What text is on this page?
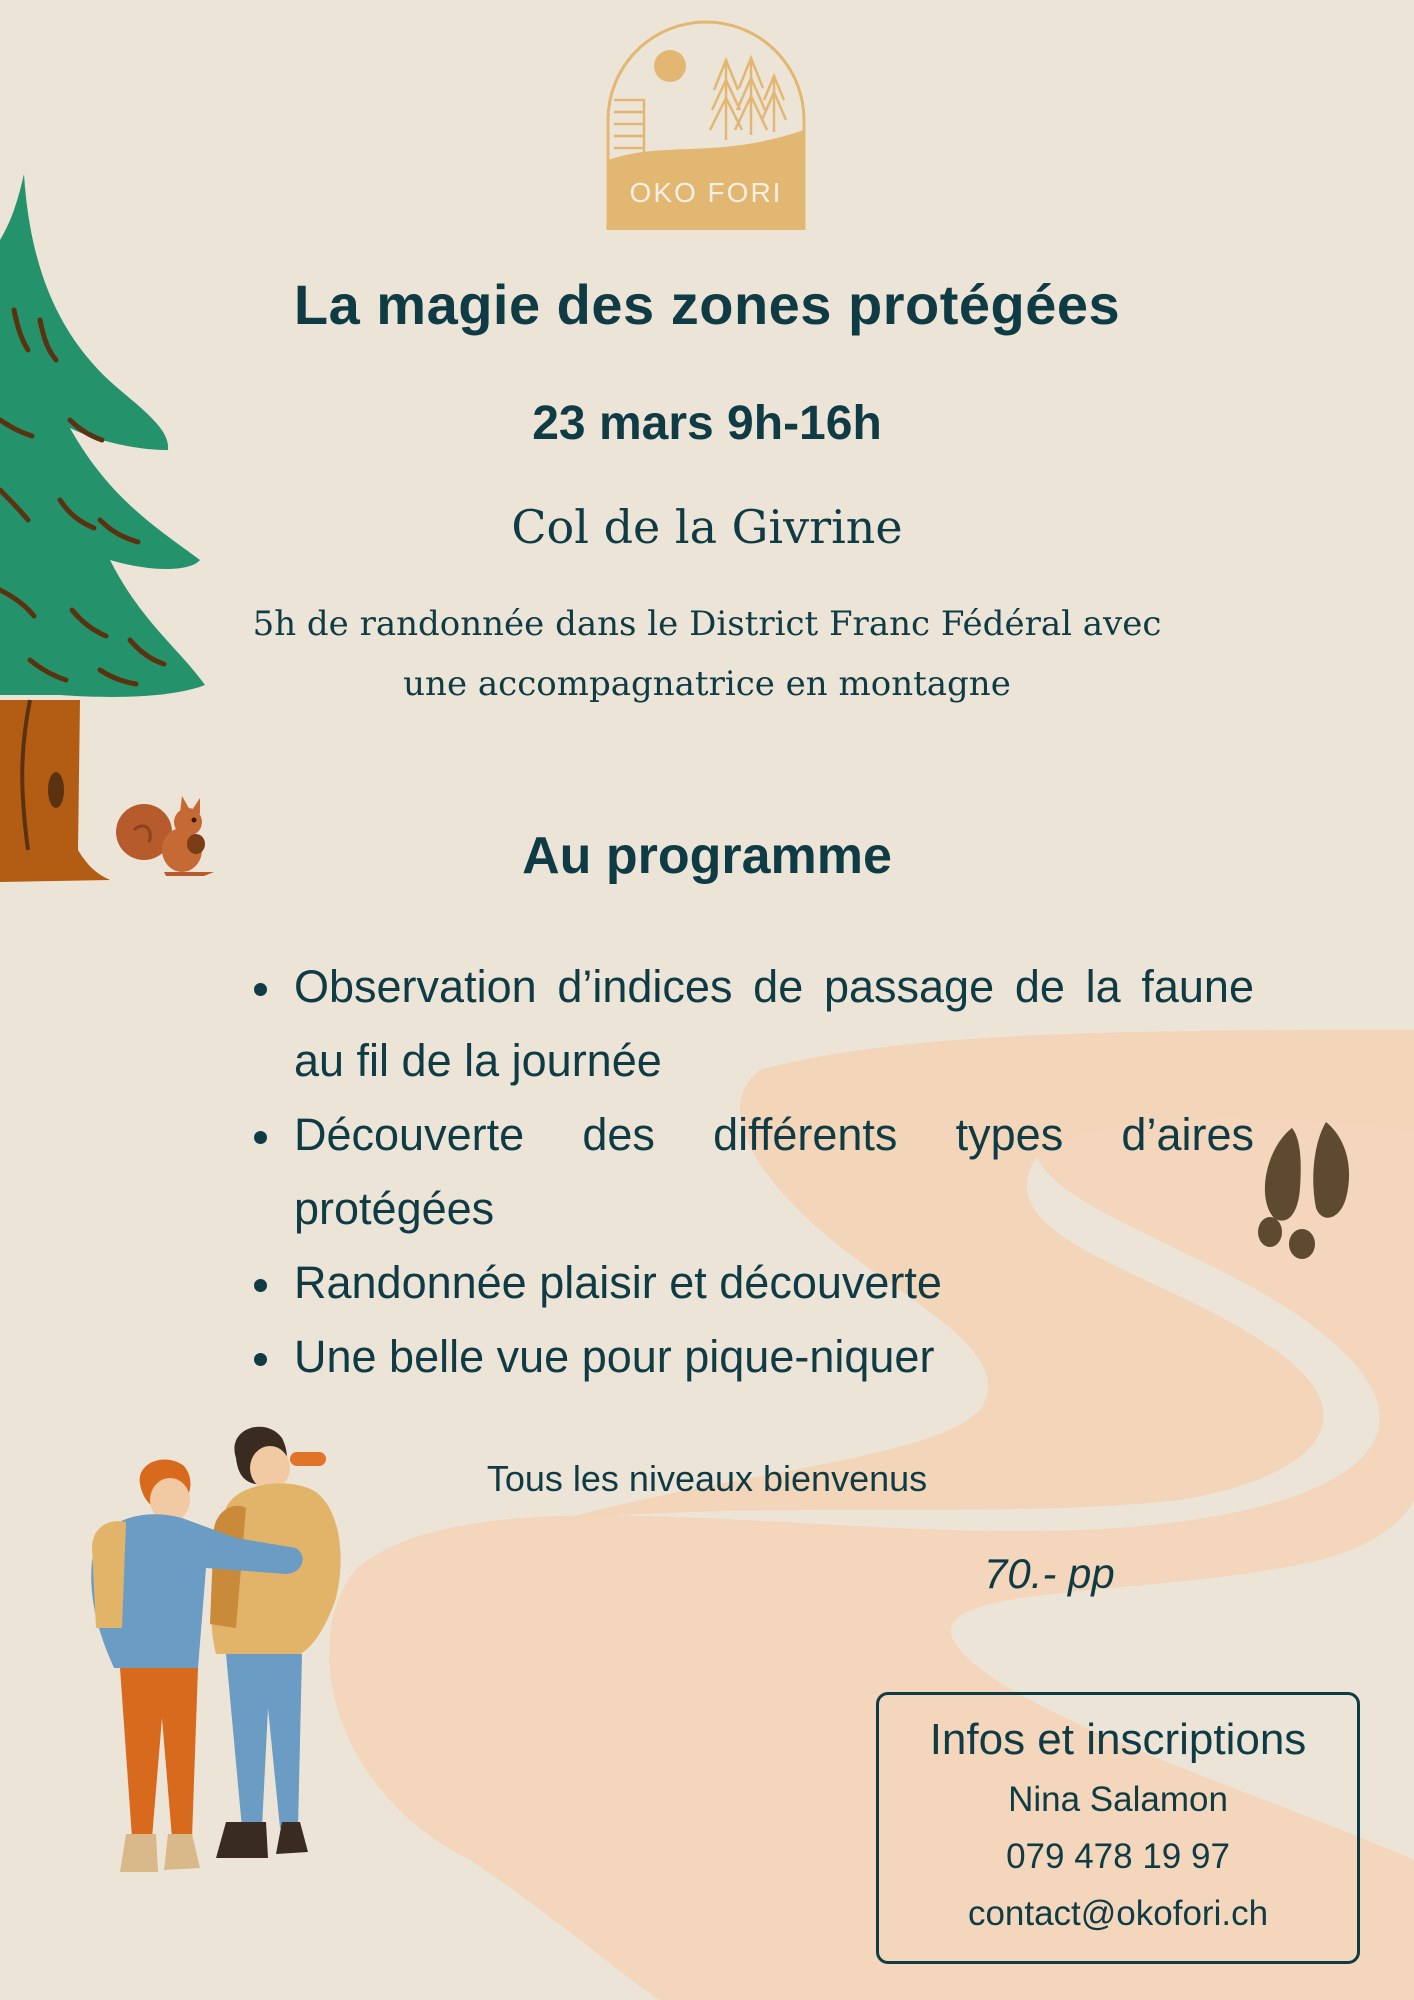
OKO FORI
La magie des zones protégées
23 mars 9h-16h
Col de la Givrine
5h de randonnée dans le District Franc Fédéral avec
une accompagnatrice en montagne
Au programme
Observation d’indices de passage de la faune au fil de la journée
Découverte des différents types d’aires protégées
Randonnée plaisir et découverte
Une belle vue pour pique-niquer
Tous les niveaux bienvenus
70.- pp
Infos et inscriptions
Nina Salamon
079 478 19 97
contact@okofori.ch
